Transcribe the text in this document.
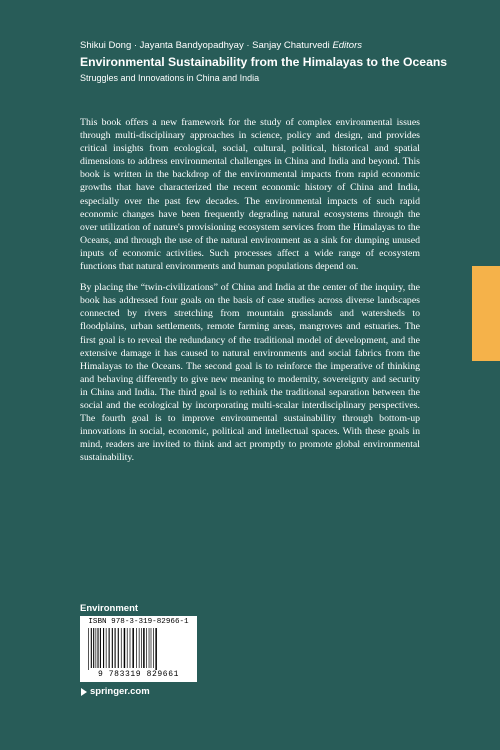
Shikui Dong · Jayanta Bandyopadhyay · Sanjay Chaturvedi Editors
Environmental Sustainability from the Himalayas to the Oceans
Struggles and Innovations in China and India

This book offers a new framework for the study of complex environmental issues through multi-disciplinary approaches in science, policy and design, and provides critical insights from ecological, social, cultural, political, historical and spatial dimensions to address environmental challenges in China and India and beyond. This book is written in the backdrop of the environmental impacts from rapid economic growths that have characterized the recent economic history of China and India, especially over the past few decades. The environmental impacts of such rapid economic changes have been frequently degrading natural ecosystems through the over utilization of nature's provisioning ecosystem services from the Himalayas to the Oceans, and through the use of the natural environment as a sink for dumping unused inputs of economic activities. Such processes affect a wide range of ecosystem functions that natural environments and human populations depend on.

By placing the “twin-civilizations” of China and India at the center of the inquiry, the book has addressed four goals on the basis of case studies across diverse landscapes connected by rivers stretching from mountain grasslands and watersheds to floodplains, urban settlements, remote farming areas, mangroves and estuaries. The first goal is to reveal the redundancy of the traditional model of development, and the extensive damage it has caused to natural environments and social fabrics from the Himalayas to the Oceans. The second goal is to reinforce the imperative of thinking and behaving differently to give new meaning to modernity, sovereignty and security in China and India. The third goal is to rethink the traditional separation between the social and the ecological by incorporating multi-scalar interdisciplinary perspectives. The fourth goal is to improve environmental sustainability through bottom-up innovations in social, economic, political and intellectual spaces. With these goals in mind, readers are invited to think and act promptly to promote global environmental sustainability.

Environment
ISBN 978-3-319-82966-1
9 783319 829661
springer.com
